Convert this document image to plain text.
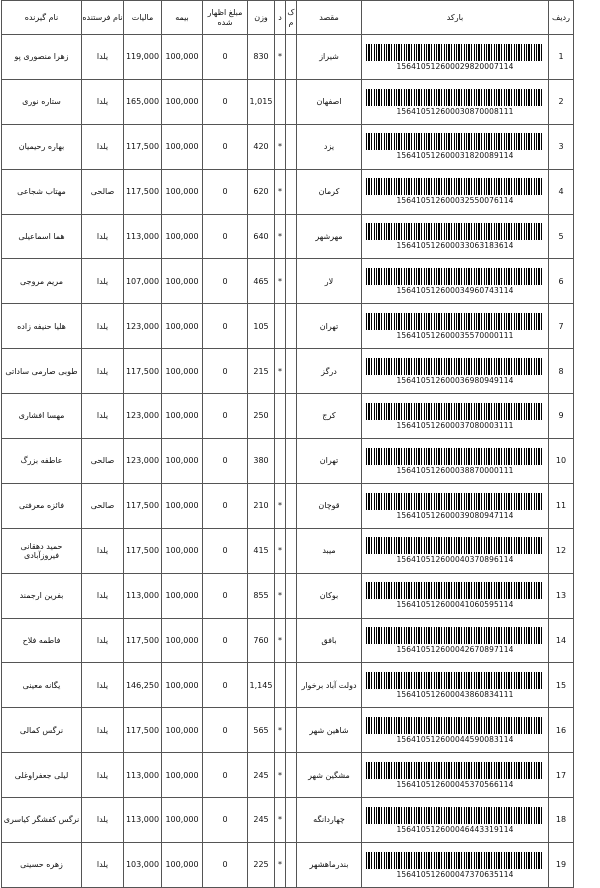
ردیف	بارکد	مقصد	ک م	د	وزن	مبلغ اظهار شده	بیمه	مالیات	نام فرستنده	نام گیرنده
1	156410512600029820007114	شیراز		*	830	0	100,000	119,000	یلدا	زهرا منصوری پو
2	156410512600030870008111	اصفهان			1,015	0	100,000	165,000	یلدا	ستاره نوری
3	156410512600031820089114	یزد		*	420	0	100,000	117,500	یلدا	بهاره رحیمیان
4	156410512600032550076114	کرمان		*	620	0	100,000	117,500	صالحی	مهتاب شجاعی
5	156410512600033063183614	مهرشهر		*	640	0	100,000	113,000	یلدا	هما اسماعیلی
6	156410512600034960743114	لار		*	465	0	100,000	107,000	یلدا	مریم مروجی
7	156410512600035570000111	تهران			105	0	100,000	123,000	یلدا	هلیا حنیفه زاده
8	156410512600036980949114	درگز		*	215	0	100,000	117,500	یلدا	طوبی صارمی ساداتی
9	156410512600037080003111	کرج			250	0	100,000	123,000	یلدا	مهسا افشاری
10	156410512600038870000111	تهران			380	0	100,000	123,000	صالحی	عاطفه بزرگ
11	156410512600039080947114	قوچان		*	210	0	100,000	117,500	صالحی	فائزه معرفتی
12	156410512600040370896114	میبد		*	415	0	100,000	117,500	یلدا	حمید دهقانی فیروزآبادی
13	156410512600041060595114	بوکان		*	855	0	100,000	113,000	یلدا	بفرین ارجمند
14	156410512600042670897114	بافق		*	760	0	100,000	117,500	یلدا	فاطمه فلاح
15	156410512600043860834111	دولت آباد برخوار			1,145	0	100,000	146,250	یلدا	یگانه معینی
16	156410512600044590083114	شاهین شهر		*	565	0	100,000	117,500	یلدا	نرگس کمالی
17	156410512600045370566114	مشگین شهر		*	245	0	100,000	113,000	یلدا	لیلی جعفراوغلی
18	156410512600046443319114	چهاردانگه		*	245	0	100,000	113,000	یلدا	نرگس کفشگر کیاسری
19	156410512600047370635114	بندرماهشهر		*	225	0	100,000	103,000	یلدا	زهره حسینی
